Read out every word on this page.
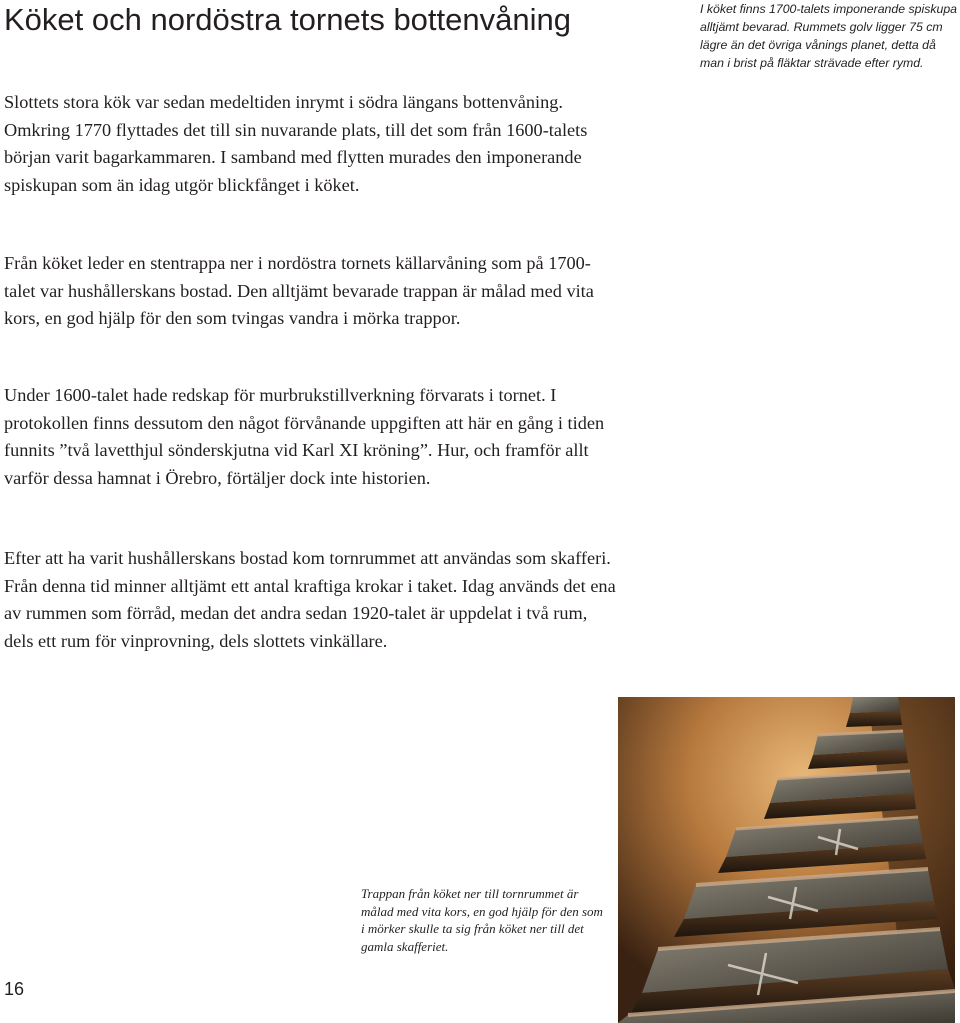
Köket och nordöstra tornets bottenvåning

Slottets stora kök var sedan medeltiden inrymt i södra längans bottenvåning. Omkring 1770 flyttades det till sin nuvarande plats, till det som från 1600-talets början varit bagarkammaren. I samband med flytten murades den imponerande spiskupan som än idag utgör blickfånget i köket.

Från köket leder en stentrappa ner i nordöstra tornets källarvåning som på 1700-talet var hushållerskans bostad. Den alltjämt bevarade trappan är målad med vita kors, en god hjälp för den som tvingas vandra i mörka trappor.

Under 1600-talet hade redskap för murbrukstillverkning förvarats i tornet. I protokollen finns dessutom den något förvånande uppgiften att här en gång i tiden funnits ”två lavetthjul sönderskjutna vid Karl XI kröning”. Hur, och framför allt varför dessa hamnat i Örebro, förtäljer dock inte historien.

Efter att ha varit hushållerskans bostad kom tornrummet att användas som skafferi. Från denna tid minner alltjämt ett antal kraftiga krokar i taket. Idag används det ena av rummen som förråd, medan det andra sedan 1920-talet är uppdelat i två rum, dels ett rum för vinprovning, dels slottets vinkällare.

I köket finns 1700-talets imponerande spiskupa alltjämt bevarad. Rummets golv ligger 75 cm lägre än det övriga vånings planet, detta då man i brist på fläktar strävade efter rymd.

Trappan från köket ner till tornrummet är målad med vita kors, en god hjälp för den som i mörker skulle ta sig från köket ner till det gamla skafferiet.

16
